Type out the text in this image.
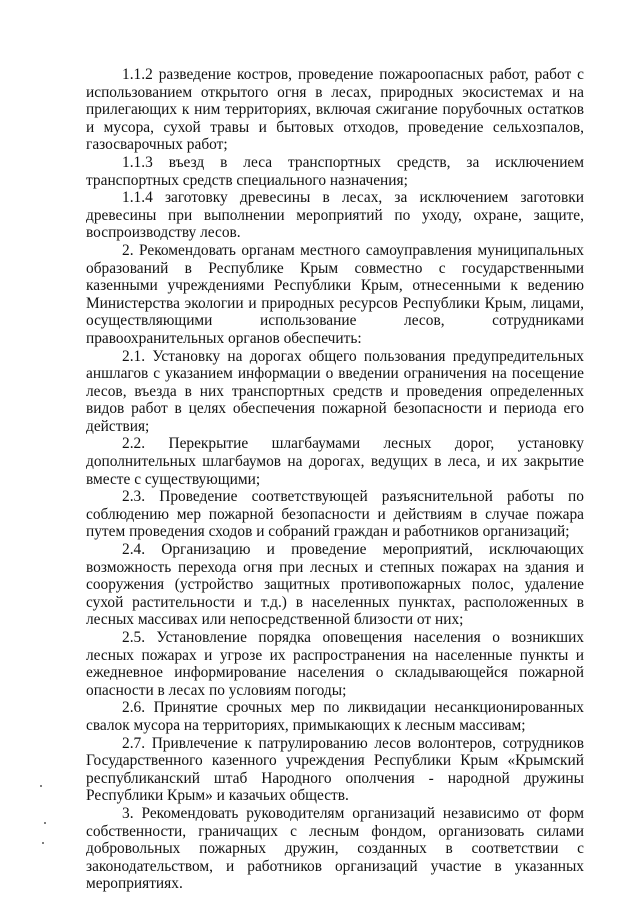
1.1.2 разведение костров, проведение пожароопасных работ, работ с использованием открытого огня в лесах, природных экосистемах и на прилегающих к ним территориях, включая сжигание порубочных остатков и мусора, сухой травы и бытовых отходов, проведение сельхозпалов, газосварочных работ;

1.1.3 въезд в леса транспортных средств, за исключением транспортных средств специального назначения;

1.1.4 заготовку древесины в лесах, за исключением заготовки древесины при выполнении мероприятий по уходу, охране, защите, воспроизводству лесов.

2. Рекомендовать органам местного самоуправления муниципальных образований в Республике Крым совместно с государственными казенными учреждениями Республики Крым, отнесенными к ведению Министерства экологии и природных ресурсов Республики Крым, лицами, осуществляющими использование лесов, сотрудниками правоохранительных органов обеспечить:

2.1. Установку на дорогах общего пользования предупредительных аншлагов с указанием информации о введении ограничения на посещение лесов, въезда в них транспортных средств и проведения определенных видов работ в целях обеспечения пожарной безопасности и периода его действия;

2.2. Перекрытие шлагбаумами лесных дорог, установку дополнительных шлагбаумов на дорогах, ведущих в леса, и их закрытие вместе с существующими;

2.3. Проведение соответствующей разъяснительной работы по соблюдению мер пожарной безопасности и действиям в случае пожара путем проведения сходов и собраний граждан и работников организаций;

2.4. Организацию и проведение мероприятий, исключающих возможность перехода огня при лесных и степных пожарах на здания и сооружения (устройство защитных противопожарных полос, удаление сухой растительности и т.д.) в населенных пунктах, расположенных в лесных массивах или непосредственной близости от них;

2.5. Установление порядка оповещения населения о возникших лесных пожарах и угрозе их распространения на населенные пункты и ежедневное информирование населения о складывающейся пожарной опасности в лесах по условиям погоды;

2.6. Принятие срочных мер по ликвидации несанкционированных свалок мусора на территориях, примыкающих к лесным массивам;

2.7. Привлечение к патрулированию лесов волонтеров, сотрудников Государственного казенного учреждения Республики Крым «Крымский республиканский штаб Народного ополчения - народной дружины Республики Крым» и казачьих обществ.

3. Рекомендовать руководителям организаций независимо от форм собственности, граничащих с лесным фондом, организовать силами добровольных пожарных дружин, созданных в соответствии с законодательством, и работников организаций участие в указанных мероприятиях.
